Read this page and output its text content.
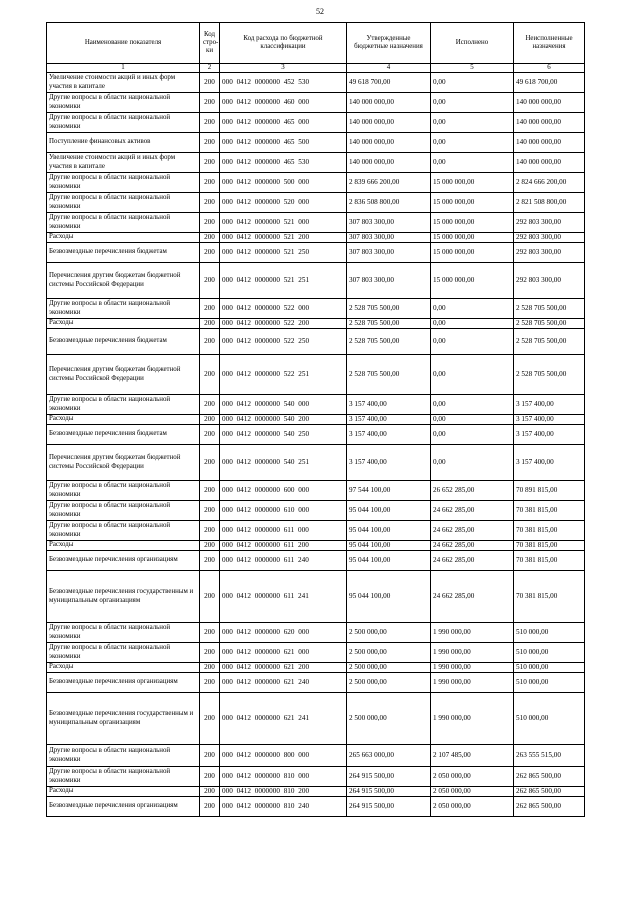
52
Наименование показателя	Код стро-ки	Код расхода по бюджетной классификации	Утвержденные бюджетные назначения	Исполнено	Неисполненные назначения
1	2	3	4	5	6
Увеличение стоимости акций и иных форм участия в капитале	200	000 0412 0000000 452 530	49 618 700,00	0,00	49 618 700,00
Другие вопросы в области национальной экономики	200	000 0412 0000000 460 000	140 000 000,00	0,00	140 000 000,00
Другие вопросы в области национальной экономики	200	000 0412 0000000 465 000	140 000 000,00	0,00	140 000 000,00
Поступление финансовых активов	200	000 0412 0000000 465 500	140 000 000,00	0,00	140 000 000,00
Увеличение стоимости акций и иных форм участия в капитале	200	000 0412 0000000 465 530	140 000 000,00	0,00	140 000 000,00
Другие вопросы в области национальной экономики	200	000 0412 0000000 500 000	2 839 666 200,00	15 000 000,00	2 824 666 200,00
Другие вопросы в области национальной экономики	200	000 0412 0000000 520 000	2 836 508 800,00	15 000 000,00	2 821 508 800,00
Другие вопросы в области национальной экономики	200	000 0412 0000000 521 000	307 803 300,00	15 000 000,00	292 803 300,00
Расходы	200	000 0412 0000000 521 200	307 803 300,00	15 000 000,00	292 803 300,00
Безвозмездные перечисления бюджетам	200	000 0412 0000000 521 250	307 803 300,00	15 000 000,00	292 803 300,00
Перечисления другим бюджетам бюджетной системы Российской Федерации	200	000 0412 0000000 521 251	307 803 300,00	15 000 000,00	292 803 300,00
Другие вопросы в области национальной экономики	200	000 0412 0000000 522 000	2 528 705 500,00	0,00	2 528 705 500,00
Расходы	200	000 0412 0000000 522 200	2 528 705 500,00	0,00	2 528 705 500,00
Безвозмездные перечисления бюджетам	200	000 0412 0000000 522 250	2 528 705 500,00	0,00	2 528 705 500,00
Перечисления другим бюджетам бюджетной системы Российской Федерации	200	000 0412 0000000 522 251	2 528 705 500,00	0,00	2 528 705 500,00
Другие вопросы в области национальной экономики	200	000 0412 0000000 540 000	3 157 400,00	0,00	3 157 400,00
Расходы	200	000 0412 0000000 540 200	3 157 400,00	0,00	3 157 400,00
Безвозмездные перечисления бюджетам	200	000 0412 0000000 540 250	3 157 400,00	0,00	3 157 400,00
Перечисления другим бюджетам бюджетной системы Российской Федерации	200	000 0412 0000000 540 251	3 157 400,00	0,00	3 157 400,00
Другие вопросы в области национальной экономики	200	000 0412 0000000 600 000	97 544 100,00	26 652 285,00	70 891 815,00
Другие вопросы в области национальной экономики	200	000 0412 0000000 610 000	95 044 100,00	24 662 285,00	70 381 815,00
Другие вопросы в области национальной экономики	200	000 0412 0000000 611 000	95 044 100,00	24 662 285,00	70 381 815,00
Расходы	200	000 0412 0000000 611 200	95 044 100,00	24 662 285,00	70 381 815,00
Безвозмездные перечисления организациям	200	000 0412 0000000 611 240	95 044 100,00	24 662 285,00	70 381 815,00
Безвозмездные перечисления государственным и муниципальным организациям	200	000 0412 0000000 611 241	95 044 100,00	24 662 285,00	70 381 815,00
Другие вопросы в области национальной экономики	200	000 0412 0000000 620 000	2 500 000,00	1 990 000,00	510 000,00
Другие вопросы в области национальной экономики	200	000 0412 0000000 621 000	2 500 000,00	1 990 000,00	510 000,00
Расходы	200	000 0412 0000000 621 200	2 500 000,00	1 990 000,00	510 000,00
Безвозмездные перечисления организациям	200	000 0412 0000000 621 240	2 500 000,00	1 990 000,00	510 000,00
Безвозмездные перечисления государственным и муниципальным организациям	200	000 0412 0000000 621 241	2 500 000,00	1 990 000,00	510 000,00
Другие вопросы в области национальной экономики	200	000 0412 0000000 800 000	265 663 000,00	2 107 485,00	263 555 515,00
Другие вопросы в области национальной экономики	200	000 0412 0000000 810 000	264 915 500,00	2 050 000,00	262 865 500,00
Расходы	200	000 0412 0000000 810 200	264 915 500,00	2 050 000,00	262 865 500,00
Безвозмездные перечисления организациям	200	000 0412 0000000 810 240	264 915 500,00	2 050 000,00	262 865 500,00
